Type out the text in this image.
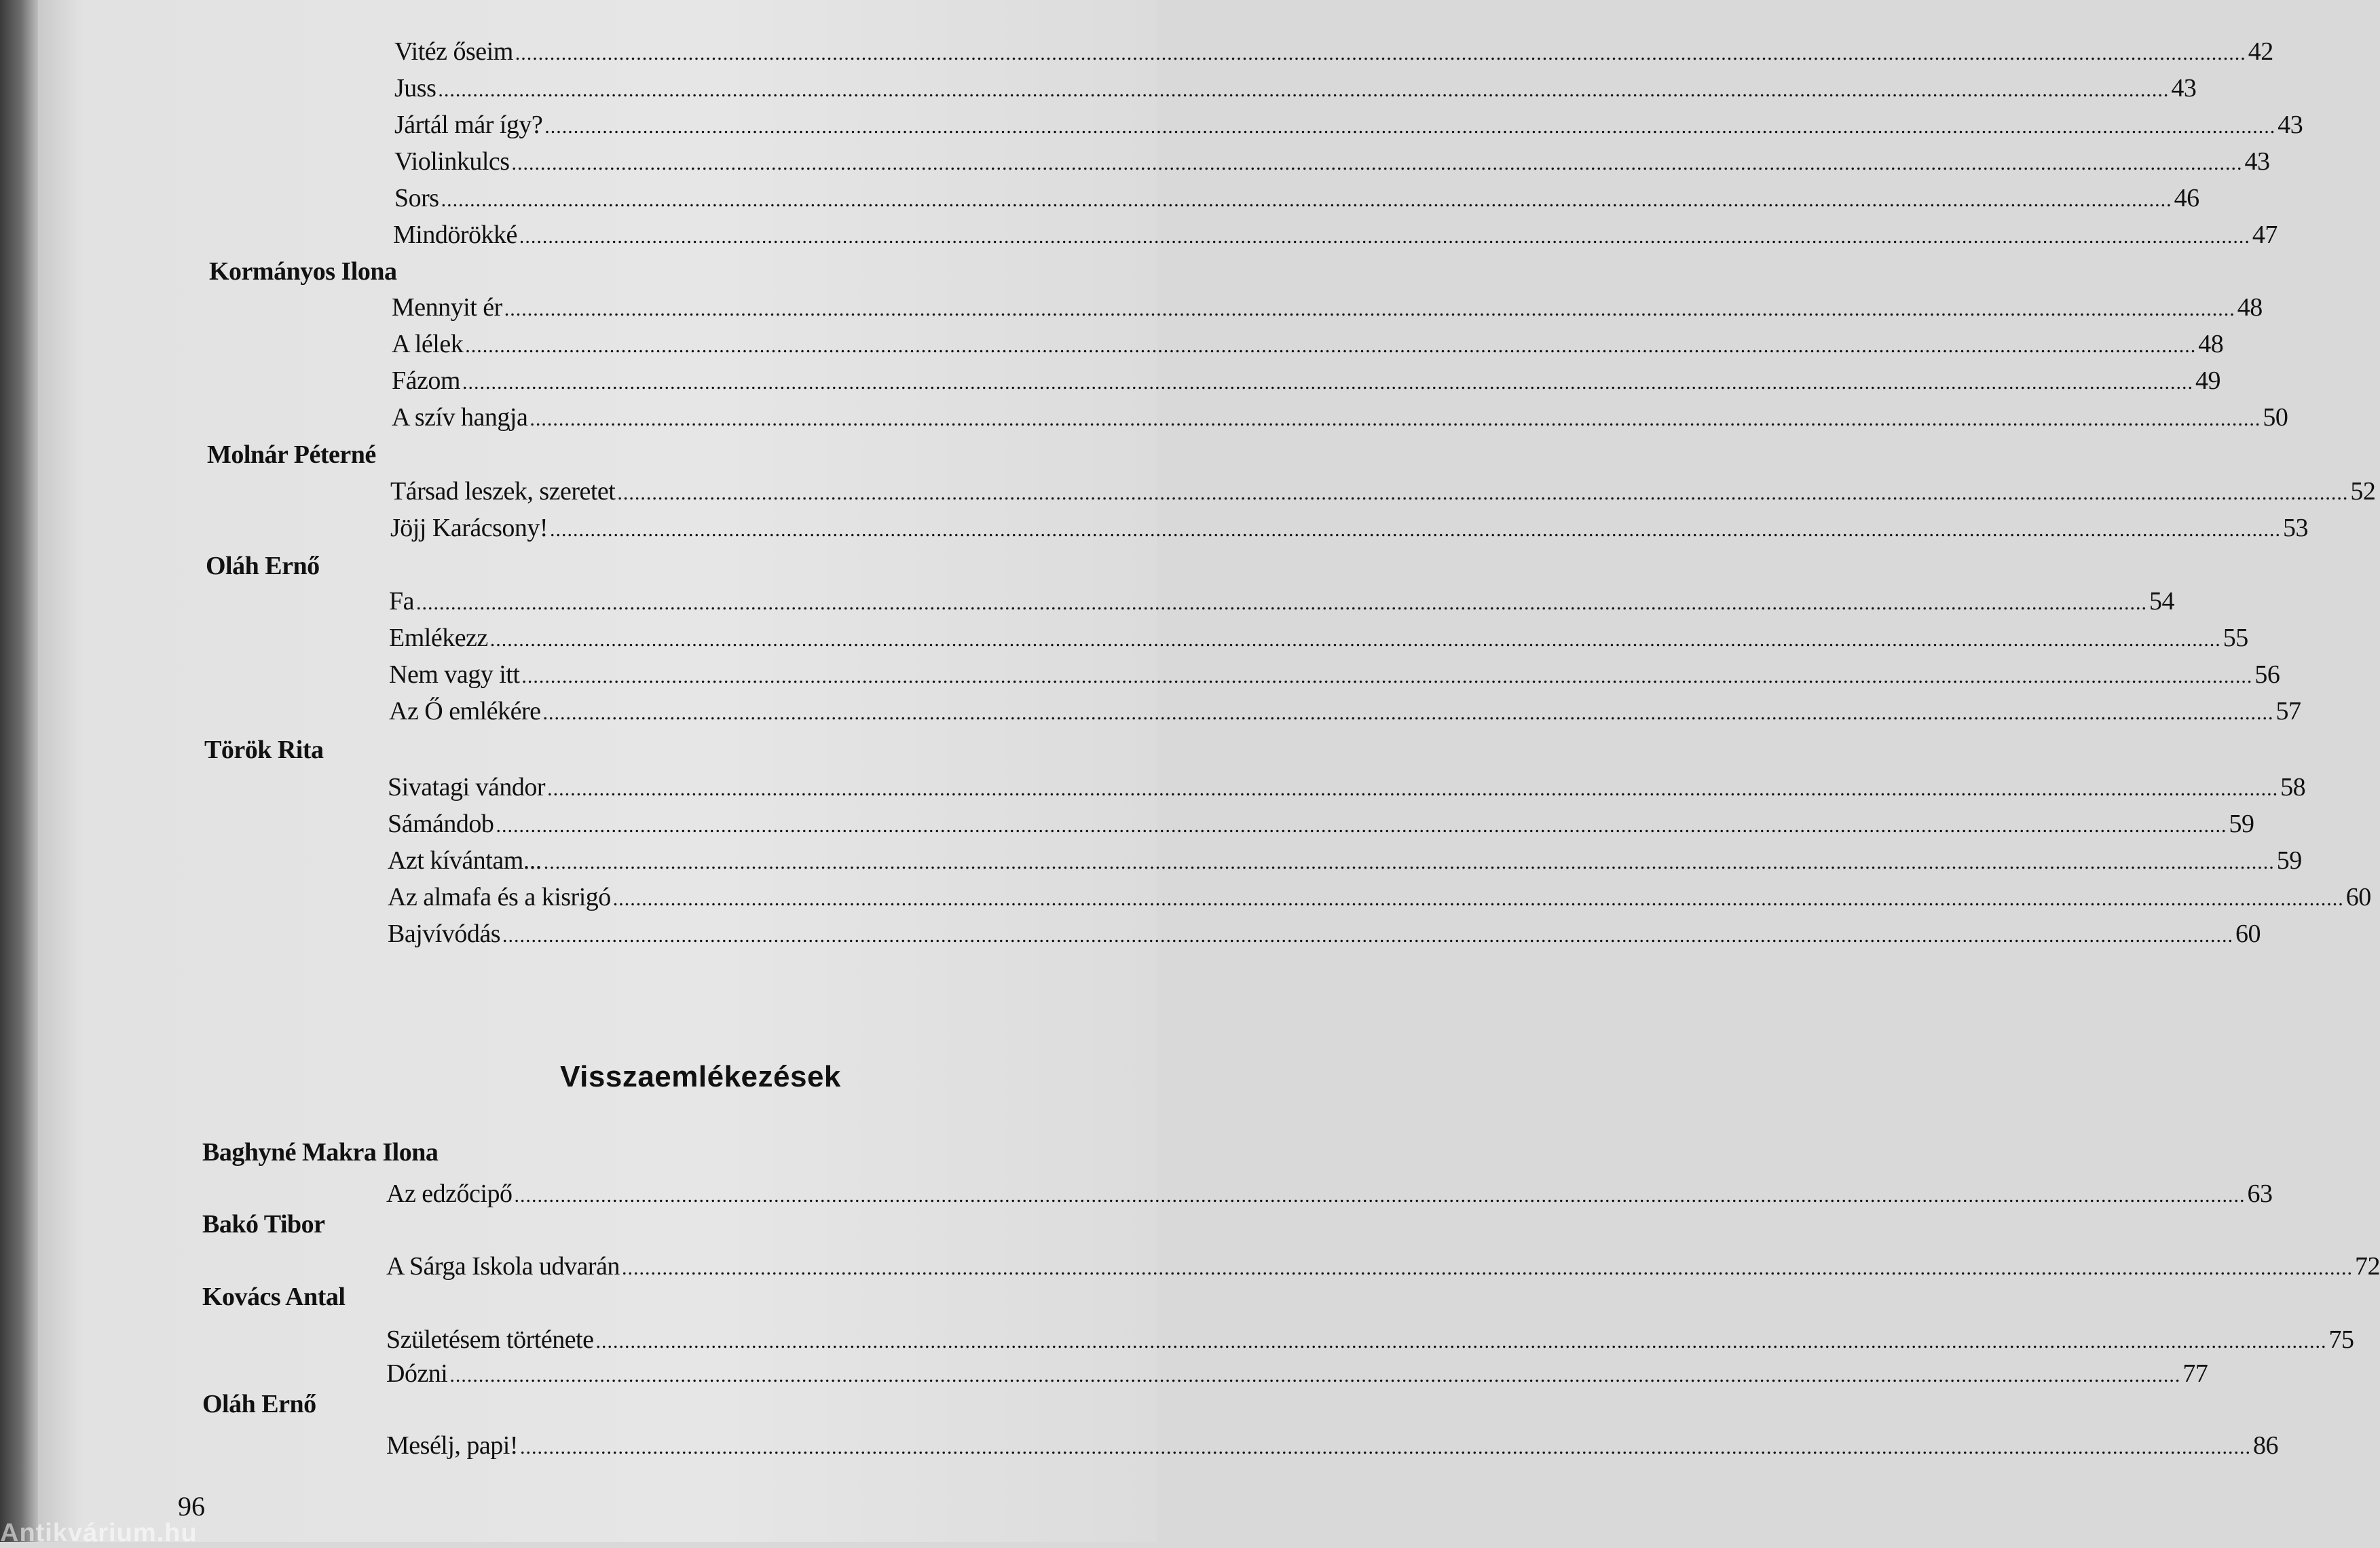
Vitéz őseim ............................................................................................................................................................................................................................................................................................................ 42
Juss ............................................................................................................................................................................................................................................................................................................ 43
Jártál már így? ............................................................................................................................................................................................................................................................................................................ 43
Violinkulcs ............................................................................................................................................................................................................................................................................................................ 43
Sors ............................................................................................................................................................................................................................................................................................................ 46
Mindörökké ............................................................................................................................................................................................................................................................................................................ 47
Kormányos Ilona
Mennyit ér ............................................................................................................................................................................................................................................................................................................ 48
A lélek ............................................................................................................................................................................................................................................................................................................ 48
Fázom ............................................................................................................................................................................................................................................................................................................ 49
A szív hangja ............................................................................................................................................................................................................................................................................................................ 50
Molnár Péterné
Társad leszek, szeretet ............................................................................................................................................................................................................................................................................................................ 52
Jöjj Karácsony! ............................................................................................................................................................................................................................................................................................................ 53
Oláh Ernő
Fa ............................................................................................................................................................................................................................................................................................................ 54
Emlékezz ............................................................................................................................................................................................................................................................................................................ 55
Nem vagy itt ............................................................................................................................................................................................................................................................................................................ 56
Az Ő emlékére ............................................................................................................................................................................................................................................................................................................ 57
Török Rita
Sivatagi vándor ............................................................................................................................................................................................................................................................................................................ 58
Sámándob ............................................................................................................................................................................................................................................................................................................ 59
Azt kívántam... ............................................................................................................................................................................................................................................................................................................ 59
Az almafa és a kisrigó ............................................................................................................................................................................................................................................................................................................ 60
Bajvívódás ............................................................................................................................................................................................................................................................................................................ 60
Visszaemlékezések
Baghyné Makra Ilona
Az edzőcipő ............................................................................................................................................................................................................................................................................................................ 63
Bakó Tibor
A Sárga Iskola udvarán ............................................................................................................................................................................................................................................................................................................ 72
Kovács Antal
Születésem története ............................................................................................................................................................................................................................................................................................................ 75
Dózni ............................................................................................................................................................................................................................................................................................................ 77
Oláh Ernő
Mesélj, papi! ............................................................................................................................................................................................................................................................................................................ 86
96
Antikvárium.hu
